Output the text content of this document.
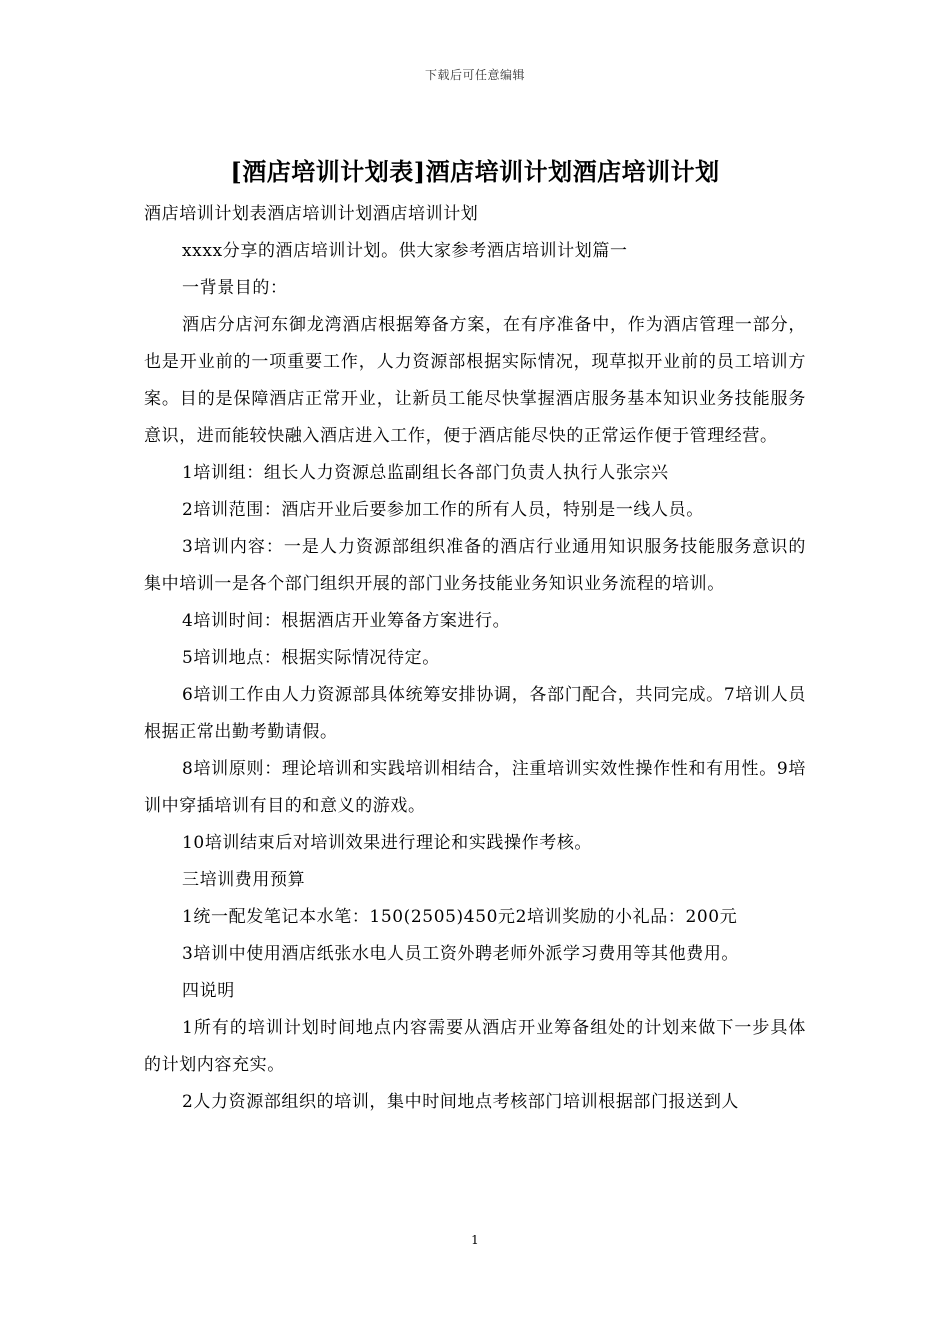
下载后可任意编辑
[酒店培训计划表]酒店培训计划酒店培训计划

酒店培训计划表酒店培训计划酒店培训计划

xxxx分享的酒店培训计划。供大家参考酒店培训计划篇一

一背景目的：

酒店分店河东御龙湾酒店根据筹备方案，在有序准备中，作为酒店管理一部分，也是开业前的一项重要工作，人力资源部根据实际情况，现草拟开业前的员工培训方案。目的是保障酒店正常开业，让新员工能尽快掌握酒店服务基本知识业务技能服务意识，进而能较快融入酒店进入工作，便于酒店能尽快的正常运作便于管理经营。

1培训组：组长人力资源总监副组长各部门负责人执行人张宗兴

2培训范围：酒店开业后要参加工作的所有人员，特别是一线人员。

3培训内容：一是人力资源部组织准备的酒店行业通用知识服务技能服务意识的集中培训一是各个部门组织开展的部门业务技能业务知识业务流程的培训。

4培训时间：根据酒店开业筹备方案进行。

5培训地点：根据实际情况待定。

6培训工作由人力资源部具体统筹安排协调，各部门配合，共同完成。7培训人员根据正常出勤考勤请假。

8培训原则：理论培训和实践培训相结合，注重培训实效性操作性和有用性。9培训中穿插培训有目的和意义的游戏。

10培训结束后对培训效果进行理论和实践操作考核。

三培训费用预算

1统一配发笔记本水笔：150(2505)450元2培训奖励的小礼品：200元

3培训中使用酒店纸张水电人员工资外聘老师外派学习费用等其他费用。

四说明

1所有的培训计划时间地点内容需要从酒店开业筹备组处的计划来做下一步具体的计划内容充实。

2人力资源部组织的培训，集中时间地点考核部门培训根据部门报送到人

1
